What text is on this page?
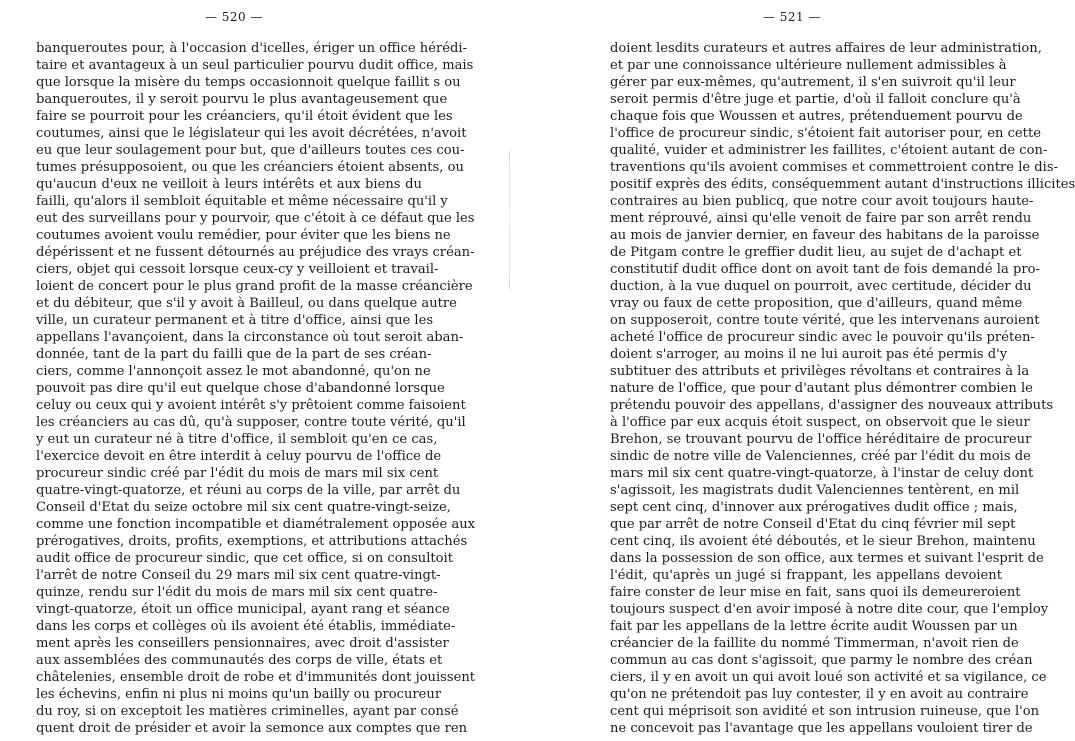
— 520 —
banqueroutes pour, à l'occasion d'icelles, ériger un office hérédi-
taire et avantageux à un seul particulier pourvu dudit office, mais
que lorsque la misère du temps occasionnoit quelque faillit s ou
banqueroutes, il y seroit pourvu le plus avantageusement que
faire se pourroit pour les créanciers, qu'il étoit évident que les
coutumes, ainsi que le législateur qui les avoit décrétées, n'avoit
eu que leur soulagement pour but, que d'ailleurs toutes ces cou-
tumes présupposoient, ou que les créanciers étoient absents, ou
qu'aucun d'eux ne veilloit à leurs intérêts et aux biens du
failli, qu'alors il sembloit équitable et même nécessaire qu'il y
eut des surveillans pour y pourvoir, que c'étoit à ce défaut que les
coutumes avoient voulu remédier, pour éviter que les biens ne
dépérissent et ne fussent détournés au préjudice des vrays créan-
ciers, objet qui cessoit lorsque ceux-cy y veilloient et travail-
loient de concert pour le plus grand profit de la masse créancière
et du débiteur, que s'il y avoit à Bailleul, ou dans quelque autre
ville, un curateur permanent et à titre d'office, ainsi que les
appellans l'avançoient, dans la circonstance où tout seroit aban-
donnée, tant de la part du failli que de la part de ses créan-
ciers, comme l'annonçoit assez le mot abandonné, qu'on ne
pouvoit pas dire qu'il eut quelque chose d'abandonné lorsque
celuy ou ceux qui y avoient intérêt s'y prêtoient comme faisoient
les créanciers au cas dû, qu'à supposer, contre toute vérité, qu'il
y eut un curateur né à titre d'office, il sembloit qu'en ce cas,
l'exercice devoit en être interdit à celuy pourvu de l'office de
procureur sindic créé par l'édit du mois de mars mil six cent
quatre-vingt-quatorze, et réuni au corps de la ville, par arrêt du
Conseil d'Etat du seize octobre mil six cent quatre-vingt-seize,
comme une fonction incompatible et diamétralement opposée aux
prérogatives, droits, profits, exemptions, et attributions attachés
audit office de procureur sindic, que cet office, si on consultoit
l'arrêt de notre Conseil du 29 mars mil six cent quatre-vingt-
quinze, rendu sur l'édit du mois de mars mil six cent quatre-
vingt-quatorze, étoit un office municipal, ayant rang et séance
dans les corps et collèges où ils avoient été établis, immédiate-
ment après les conseillers pensionnaires, avec droit d'assister
aux assemblées des communautés des corps de ville, états et
châtelenies, ensemble droit de robe et d'immunités dont jouissent
les échevins, enfin ni plus ni moins qu'un bailly ou procureur
du roy, si on exceptoit les matières criminelles, ayant par consé
quent droit de présider et avoir la semonce aux comptes que ren
— 521 —
doient lesdits curateurs et autres affaires de leur administration,
et par une connoissance ultérieure nullement admissibles à
gérer par eux-mêmes, qu'autrement, il s'en suivroit qu'il leur
seroit permis d'être juge et partie, d'où il falloit conclure qu'à
chaque fois que Woussen et autres, prétenduement pourvu de
l'office de procureur sindic, s'étoient fait autoriser pour, en cette
qualité, vuider et administrer les faillites, c'étoient autant de con-
traventions qu'ils avoient commises et commettroient contre le dis-
positif exprès des édits, conséquemment autant d'instructions illicites
contraires au bien publicq, que notre cour avoit toujours haute-
ment réprouvé, ainsi qu'elle venoit de faire par son arrêt rendu
au mois de janvier dernier, en faveur des habitans de la paroisse
de Pitgam contre le greffier dudit lieu, au sujet de d'achapt et
constitutif dudit office dont on avoit tant de fois demandé la pro-
duction, à la vue duquel on pourroit, avec certitude, décider du
vray ou faux de cette proposition, que d'ailleurs, quand même
on supposeroit, contre toute vérité, que les intervenans auroient
acheté l'office de procureur sindic avec le pouvoir qu'ils préten-
doient s'arroger, au moins il ne lui auroit pas été permis d'y
subtituer des attributs et privilèges révoltans et contraires à la
nature de l'office, que pour d'autant plus démontrer combien le
prétendu pouvoir des appellans, d'assigner des nouveaux attributs
à l'office par eux acquis étoit suspect, on observoit que le sieur
Brehon, se trouvant pourvu de l'office héréditaire de procureur
sindic de notre ville de Valenciennes, créé par l'édit du mois de
mars mil six cent quatre-vingt-quatorze, à l'instar de celuy dont
s'agissoit, les magistrats dudit Valenciennes tentèrent, en mil
sept cent cinq, d'innover aux prérogatives dudit office ; mais,
que par arrêt de notre Conseil d'Etat du cinq février mil sept
cent cinq, ils avoient été déboutés, et le sieur Brehon, maintenu
dans la possession de son office, aux termes et suivant l'esprit de
l'édit, qu'après un jugé si frappant, les appellans devoient
faire conster de leur mise en fait, sans quoi ils demeureroient
toujours suspect d'en avoir imposé à notre dite cour, que l'employ
fait par les appellans de la lettre écrite audit Woussen par un
créancier de la faillite du nommé Timmerman, n'avoit rien de
commun au cas dont s'agissoit, que parmy le nombre des créan
ciers, il y en avoit un qui avoit loué son activité et sa vigilance, ce
qu'on ne prétendoit pas luy contester, il y en avoit au contraire
cent qui méprisoit son avidité et son intrusion ruineuse, que l'on
ne concevoit pas l'avantage que les appellans vouloient tirer de
